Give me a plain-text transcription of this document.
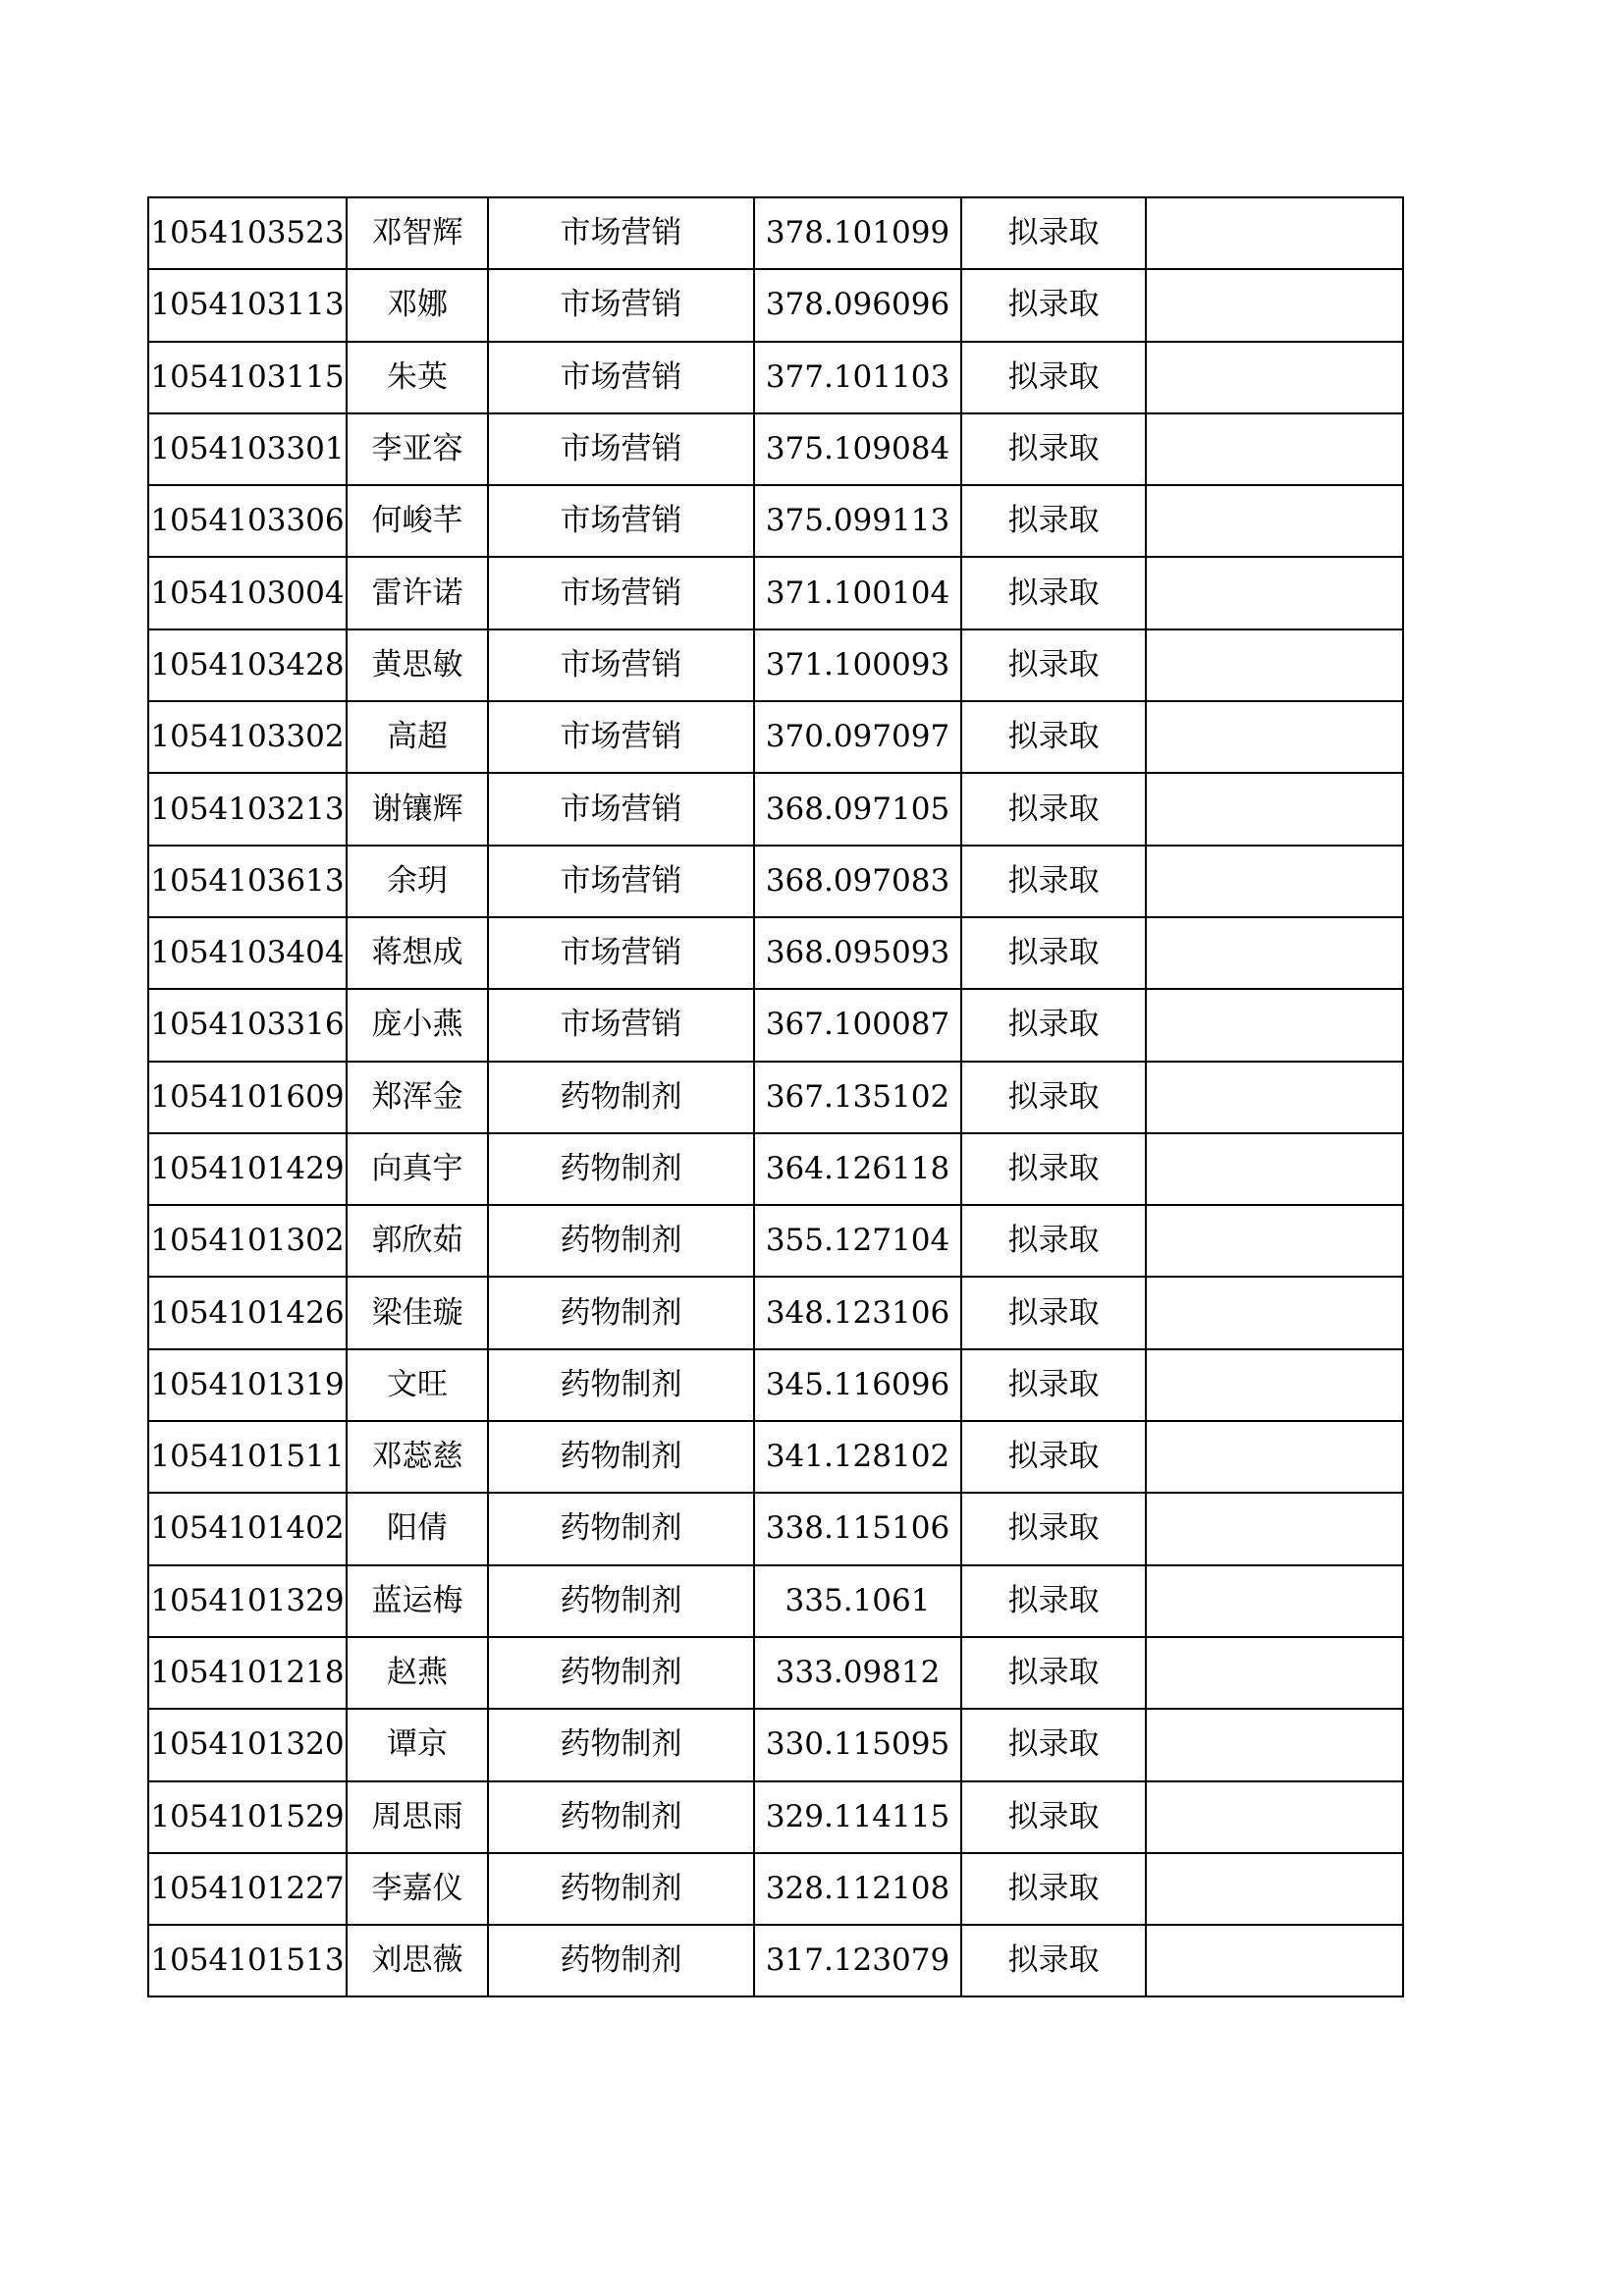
1054103523	邓智辉	市场营销	378.101099	拟录取	
1054103113	邓娜	市场营销	378.096096	拟录取	
1054103115	朱英	市场营销	377.101103	拟录取	
1054103301	李亚容	市场营销	375.109084	拟录取	
1054103306	何峻芊	市场营销	375.099113	拟录取	
1054103004	雷许诺	市场营销	371.100104	拟录取	
1054103428	黄思敏	市场营销	371.100093	拟录取	
1054103302	高超	市场营销	370.097097	拟录取	
1054103213	谢镶辉	市场营销	368.097105	拟录取	
1054103613	余玥	市场营销	368.097083	拟录取	
1054103404	蒋想成	市场营销	368.095093	拟录取	
1054103316	庞小燕	市场营销	367.100087	拟录取	
1054101609	郑浑金	药物制剂	367.135102	拟录取	
1054101429	向真宇	药物制剂	364.126118	拟录取	
1054101302	郭欣茹	药物制剂	355.127104	拟录取	
1054101426	梁佳璇	药物制剂	348.123106	拟录取	
1054101319	文旺	药物制剂	345.116096	拟录取	
1054101511	邓蕊慈	药物制剂	341.128102	拟录取	
1054101402	阳倩	药物制剂	338.115106	拟录取	
1054101329	蓝运梅	药物制剂	335.1061	拟录取	
1054101218	赵燕	药物制剂	333.09812	拟录取	
1054101320	谭京	药物制剂	330.115095	拟录取	
1054101529	周思雨	药物制剂	329.114115	拟录取	
1054101227	李嘉仪	药物制剂	328.112108	拟录取	
1054101513	刘思薇	药物制剂	317.123079	拟录取	
